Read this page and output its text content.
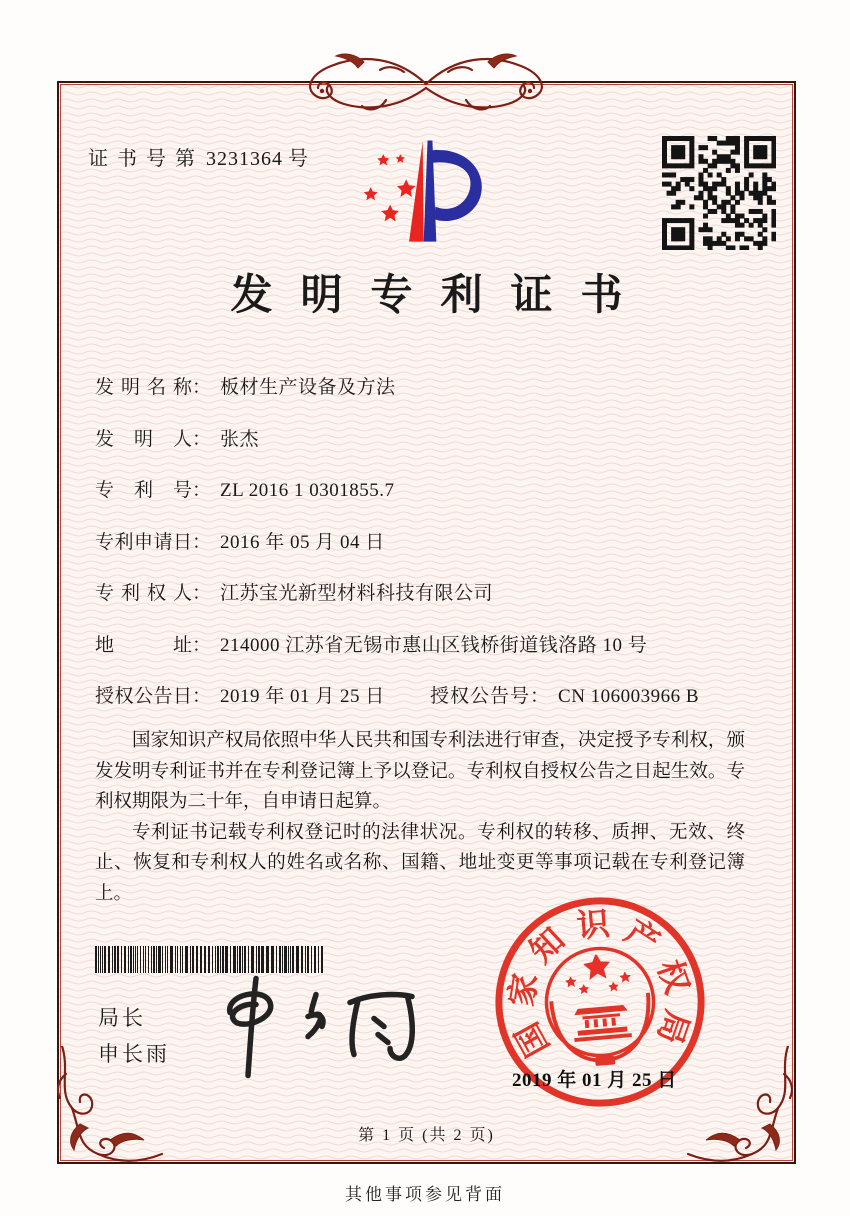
证书号第 3231364 号
发明专利证书
发明名称： 板材生产设备及方法
发明人： 张杰
专利号： ZL 2016 1 0301855.7
专利申请日： 2016 年 05 月 04 日
专利权人： 江苏宝光新型材料科技有限公司
地址： 214000 江苏省无锡市惠山区钱桥街道钱洛路 10 号
授权公告日： 2019 年 01 月 25 日 授权公告号： CN 106003966 B

国家知识产权局依照中华人民共和国专利法进行审查，决定授予专利权，颁发发明专利证书并在专利登记簿上予以登记。专利权自授权公告之日起生效。专利权期限为二十年，自申请日起算。

专利证书记载专利权登记时的法律状况。专利权的转移、质押、无效、终止、恢复和专利权人的姓名或名称、国籍、地址变更等事项记载在专利登记簿上。

局长
申长雨	国
家
知 识 产
权
局
2019 年 01 月 25 日
第 1 页 (共 2 页)
其他事项参见背面
